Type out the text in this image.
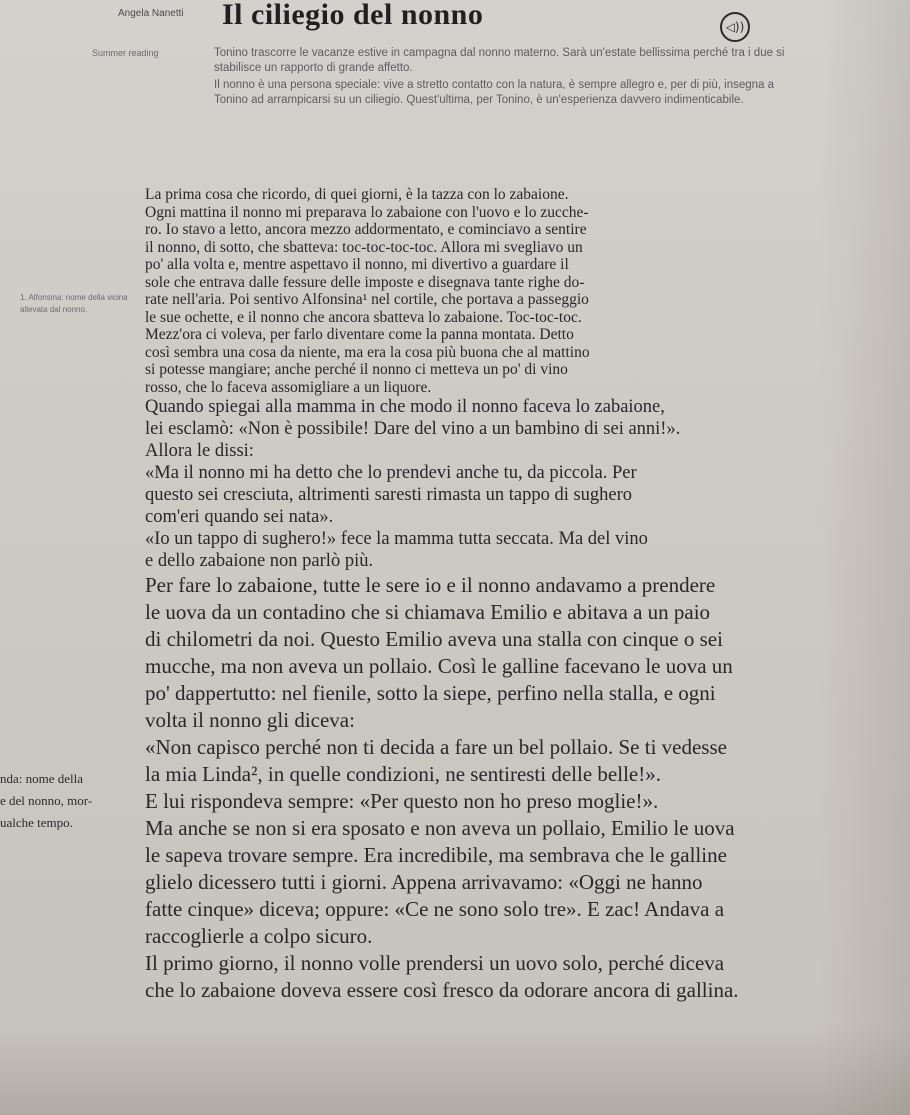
Angela Nanetti Il ciliegio del nonno	◁))
Summer reading	Tonino trascorre le vacanze estive in campagna dal nonno materno. Sarà un'estate bellissima perché tra i due si stabilisce un rapporto di grande affetto.

Il nonno è una persona speciale: vive a stretto contatto con la natura, è sempre allegro e, per di più, insegna a Tonino ad arrampicarsi su un ciliegio. Quest'ultima, per Tonino, è un'esperienza davvero indimenticabile.

1. Alfonsina: nome della vicina allevata dal nonno.
nda: nome della
e del nonno, mor-
ualche tempo.
La prima cosa che ricordo, di quei giorni, è la tazza con lo zabaione.
Ogni mattina il nonno mi preparava lo zabaione con l'uovo e lo zucche-
ro. Io stavo a letto, ancora mezzo addormentato, e cominciavo a sentire
il nonno, di sotto, che sbatteva: toc-toc-toc-toc. Allora mi svegliavo un
po' alla volta e, mentre aspettavo il nonno, mi divertivo a guardare il
sole che entrava dalle fessure delle imposte e disegnava tante righe do-
rate nell'aria. Poi sentivo Alfonsina¹ nel cortile, che portava a passeggio
le sue ochette, e il nonno che ancora sbatteva lo zabaione. Toc-toc-toc.
Mezz'ora ci voleva, per farlo diventare come la panna montata. Detto
così sembra una cosa da niente, ma era la cosa più buona che al mattino
si potesse mangiare; anche perché il nonno ci metteva un po' di vino
rosso, che lo faceva assomigliare a un liquore.
Quando spiegai alla mamma in che modo il nonno faceva lo zabaione,
lei esclamò: «Non è possibile! Dare del vino a un bambino di sei anni!».
Allora le dissi:
«Ma il nonno mi ha detto che lo prendevi anche tu, da piccola. Per
questo sei cresciuta, altrimenti saresti rimasta un tappo di sughero
com'eri quando sei nata».
«Io un tappo di sughero!» fece la mamma tutta seccata. Ma del vino
e dello zabaione non parlò più.
Per fare lo zabaione, tutte le sere io e il nonno andavamo a prendere
le uova da un contadino che si chiamava Emilio e abitava a un paio
di chilometri da noi. Questo Emilio aveva una stalla con cinque o sei
mucche, ma non aveva un pollaio. Così le galline facevano le uova un
po' dappertutto: nel fienile, sotto la siepe, perfino nella stalla, e ogni
volta il nonno gli diceva:
«Non capisco perché non ti decida a fare un bel pollaio. Se ti vedesse
la mia Linda², in quelle condizioni, ne sentiresti delle belle!».
E lui rispondeva sempre: «Per questo non ho preso moglie!».
Ma anche se non si era sposato e non aveva un pollaio, Emilio le uova
le sapeva trovare sempre. Era incredibile, ma sembrava che le galline
glielo dicessero tutti i giorni. Appena arrivavamo: «Oggi ne hanno
fatte cinque» diceva; oppure: «Ce ne sono solo tre». E zac! Andava a
raccoglierle a colpo sicuro.
Il primo giorno, il nonno volle prendersi un uovo solo, perché diceva
che lo zabaione doveva essere così fresco da odorare ancora di gallina.
